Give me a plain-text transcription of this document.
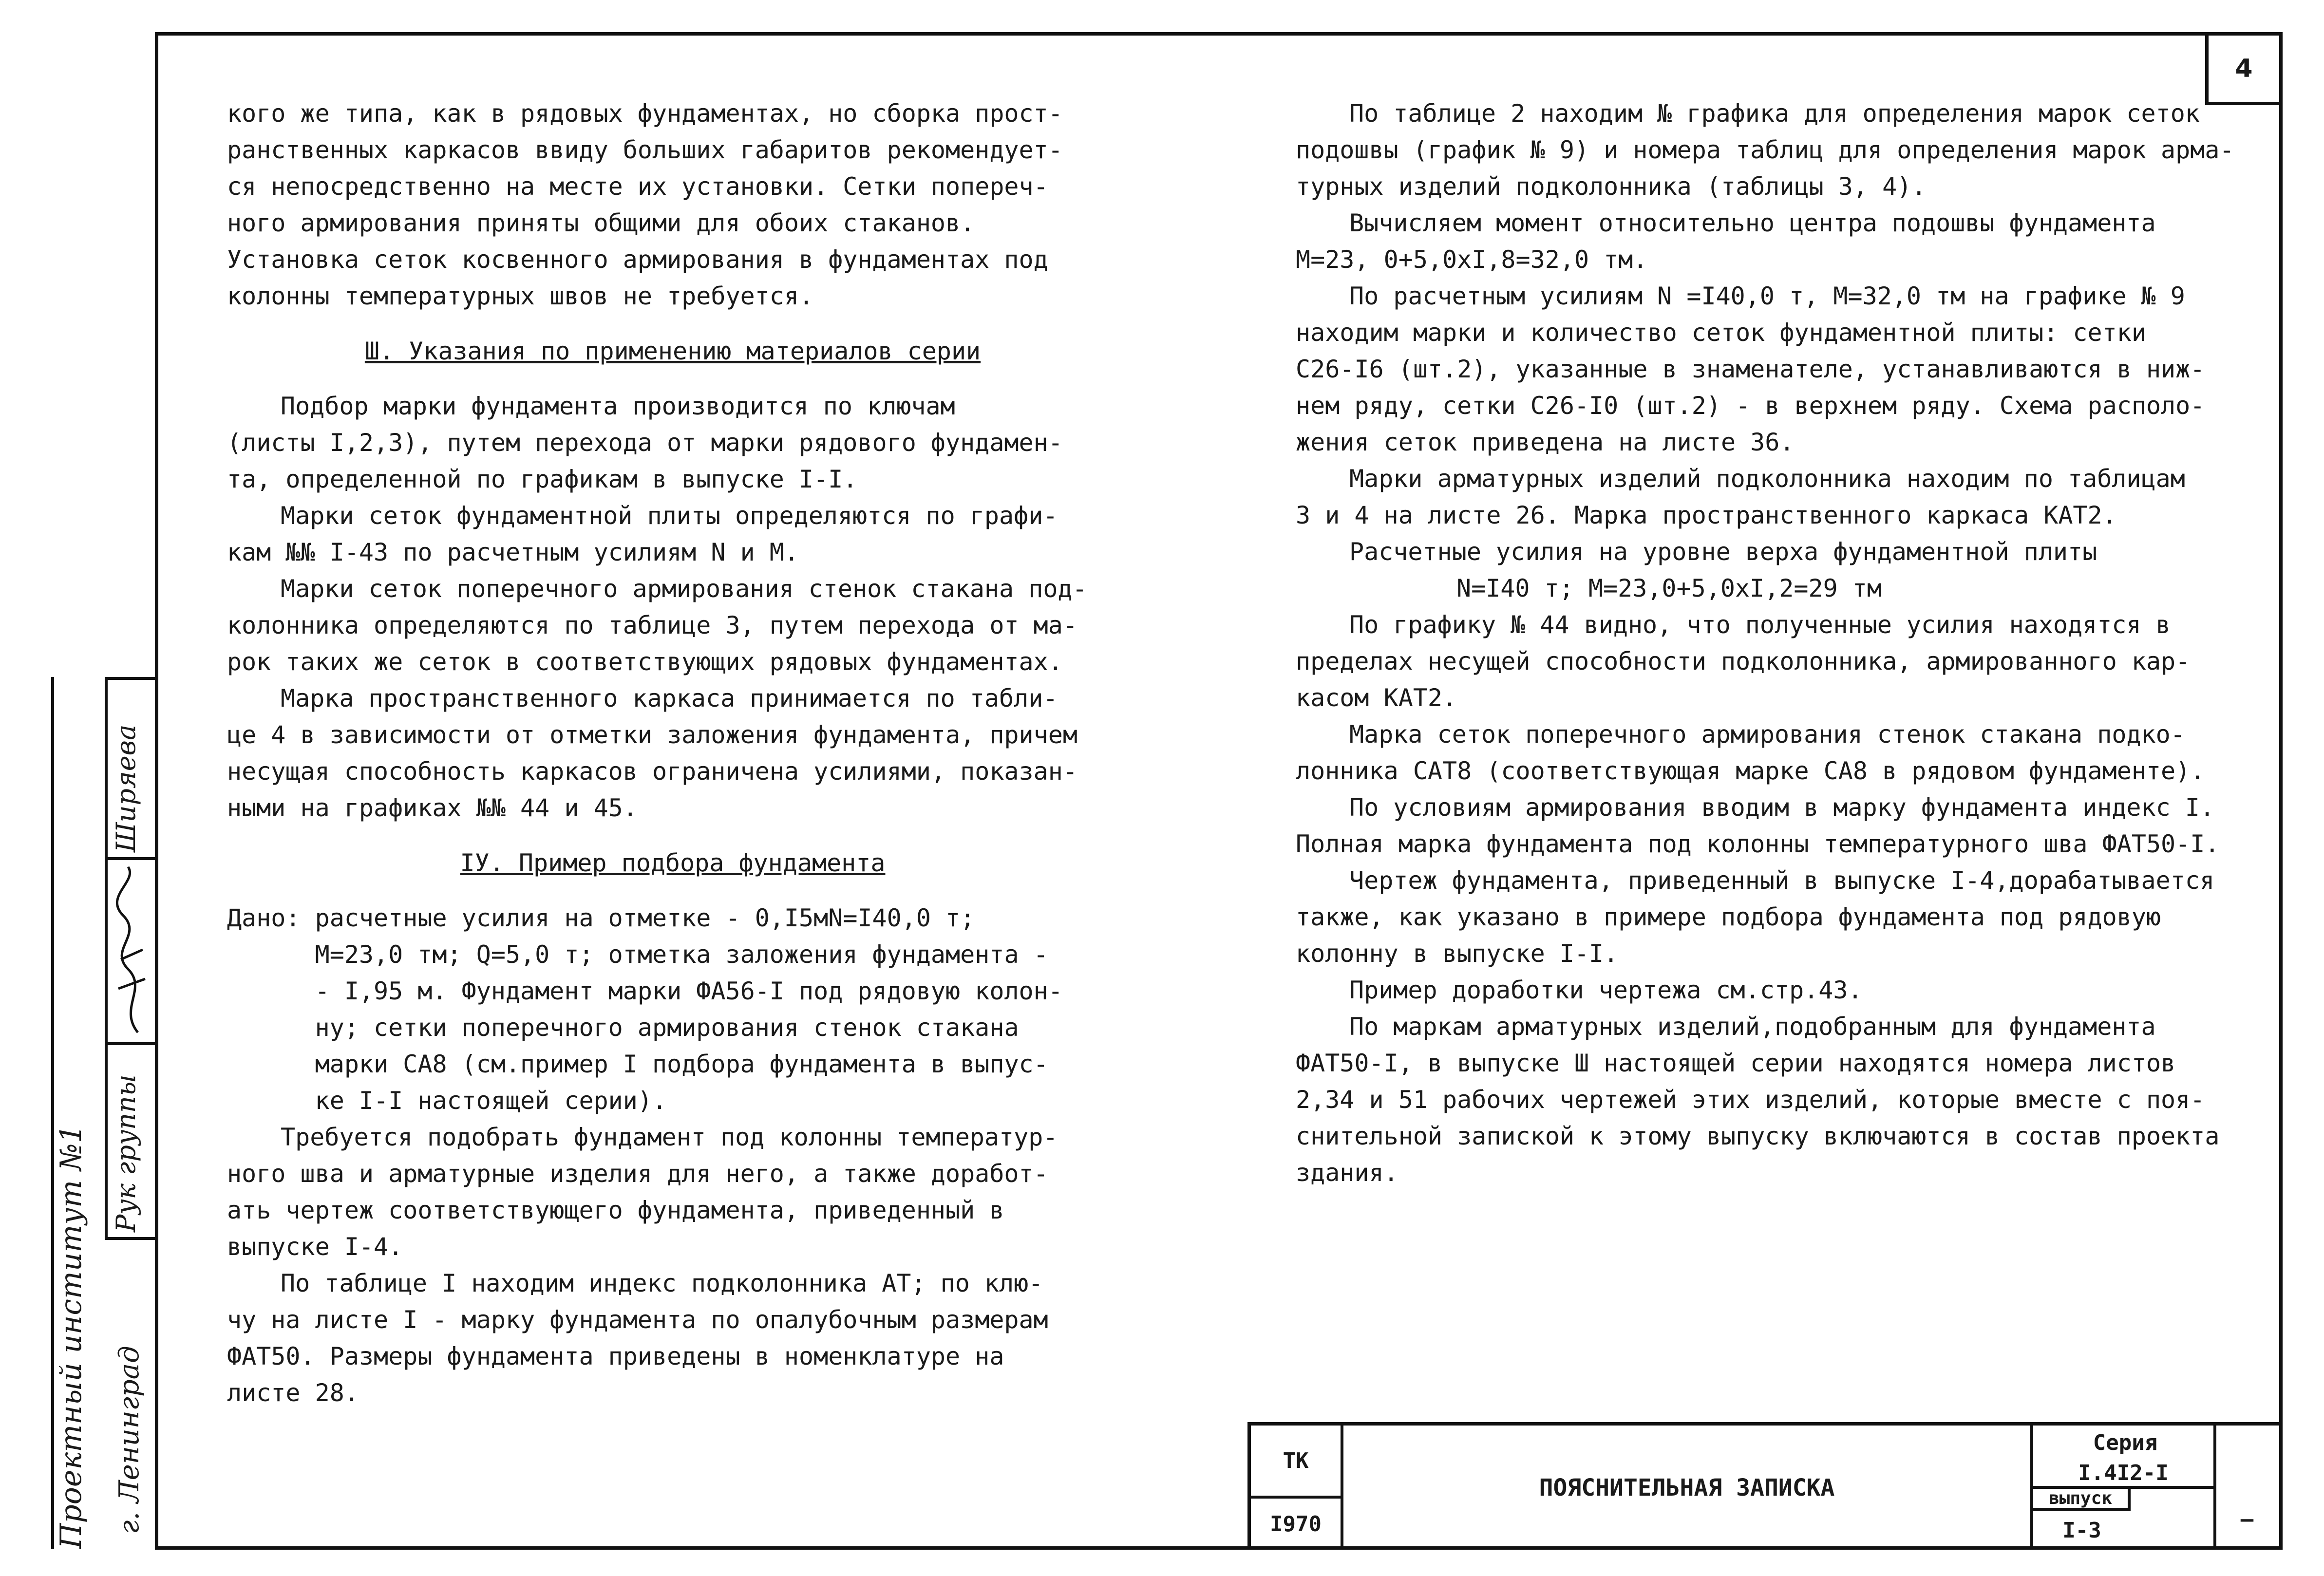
4

кого же типа, как в рядовых фундаментах, но сборка прост-
ранственных каркасов ввиду больших габаритов рекомендует-
ся непосредственно на месте их установки. Сетки попереч-
ного армирования приняты общими для обоих стаканов.
Установка сеток косвенного армирования в фундаментах под
колонны температурных швов не требуется.

Ш. Указания по применению материалов серии

Подбор марки фундамента производится по ключам
(листы I,2,3), путем перехода от марки рядового фундамен-
та, определенной по графикам в выпуске I-I.

Марки сеток фундаментной плиты определяются по графи-
кам №№ I-43 по расчетным усилиям N и M.

Марки сеток поперечного армирования стенок стакана под-
колонника определяются по таблице 3, путем перехода от ма-
рок таких же сеток в соответствующих рядовых фундаментах.

Марка пространственного каркаса принимается по табли-
це 4 в зависимости от отметки заложения фундамента, причем
несущая способность каркасов ограничена усилиями, показан-
ными на графиках №№ 44 и 45.

IУ. Пример подбора фундамента

Дано: расчетные усилия на отметке - 0,I5мN=I40,0 т;
M=23,0 тм; Q=5,0 т; отметка заложения фундамента -
- I,95 м. Фундамент марки ФА56-I под рядовую колон-
ну; сетки поперечного армирования стенок стакана
марки СА8 (см.пример I подбора фундамента в выпус-
ке I-I настоящей серии).

Требуется подобрать фундамент под колонны температур-
ного шва и арматурные изделия для него, а также доработ-
ать чертеж соответствующего фундамента, приведенный в
выпуске I-4.

По таблице I находим индекс подколонника АТ; по клю-
чу на листе I - марку фундамента по опалубочным размерам
ФАТ50. Размеры фундамента приведены в номенклатуре на
листе 28.

По таблице 2 находим № графика для определения марок сеток
подошвы (график № 9) и номера таблиц для определения марок арма-
турных изделий подколонника (таблицы 3, 4).

Вычисляем момент относительно центра подошвы фундамента
M=23, 0+5,0хI,8=32,0 тм.

По расчетным усилиям N =I40,0 т, M=32,0 тм на графике № 9
находим марки и количество сеток фундаментной плиты: сетки
С26-I6 (шт.2), указанные в знаменателе, устанавливаются в ниж-
нем ряду, сетки С26-I0 (шт.2) - в верхнем ряду. Схема располо-
жения сеток приведена на листе 36.

Марки арматурных изделий подколонника находим по таблицам
3 и 4 на листе 26. Марка пространственного каркаса КАТ2.

Расчетные усилия на уровне верха фундаментной плиты

N=I40 т; M=23,0+5,0хI,2=29 тм

По графику № 44 видно, что полученные усилия находятся в
пределах несущей способности подколонника, армированного кар-
касом КАТ2.

Марка сеток поперечного армирования стенок стакана подко-
лонника САТ8 (соответствующая марке СА8 в рядовом фундаменте).

По условиям армирования вводим в марку фундамента индекс I.
Полная марка фундамента под колонны температурного шва ФАТ50-I.

Чертеж фундамента, приведенный в выпуске I-4,дорабатывается
также, как указано в примере подбора фундамента под рядовую
колонну в выпуске I-I.

Пример доработки чертежа см.стр.43.

По маркам арматурных изделий,подобранным для фундамента
ФАТ50-I, в выпуске Ш настоящей серии находятся номера листов
2,34 и 51 рабочих чертежей этих изделий, которые вместе с поя-
снительной запиской к этому выпуску включаются в состав проекта
здания.

Проектный институт №1 г. Ленинград
Рук группы
Ширяева
ТК
I970
ПОЯСНИТЕЛЬНАЯ ЗАПИСКА
Серия
I.4I2-I
выпуск
I-3	–
